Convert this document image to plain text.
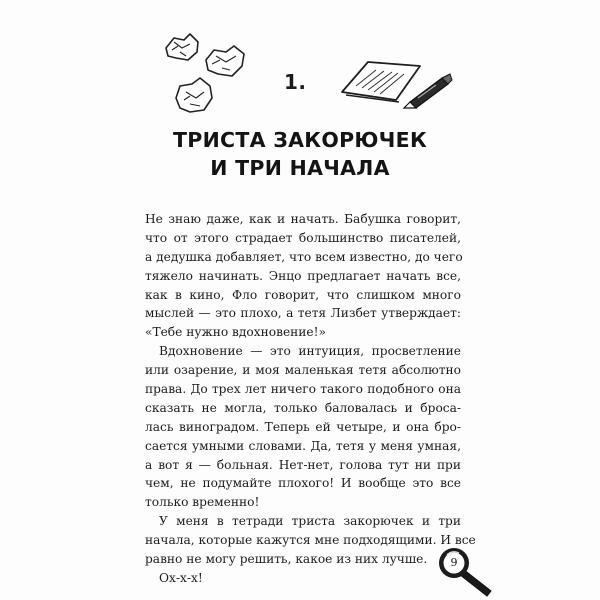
1.
ТРИСТА ЗАКОРЮЧЕК
И ТРИ НАЧАЛА
Не знаю даже, как и начать. Бабушка говорит,
что от этого страдает большинство писателей,
а дедушка добавляет, что всем известно, до чего
тяжело начинать. Энцо предлагает начать все,
как в кино, Фло говорит, что слишком много
мыслей — это плохо, а тетя Лизбет утверждает:
«Тебе нужно вдохновение!»
Вдохновение — это интуиция, просветление
или озарение, и моя маленькая тетя абсолютно
права. До трех лет ничего такого подобного она
сказать не могла, только баловалась и броса-
лась виноградом. Теперь ей четыре, и она бро-
сается умными словами. Да, тетя у меня умная,
а вот я — больная. Нет-нет, голова тут ни при
чем, не подумайте плохого! И вообще это все
только временно!
У меня в тетради триста закорючек и три
начала, которые кажутся мне подходящими. И все
равно не могу решить, какое из них лучше.
Ох-х-х!
9
